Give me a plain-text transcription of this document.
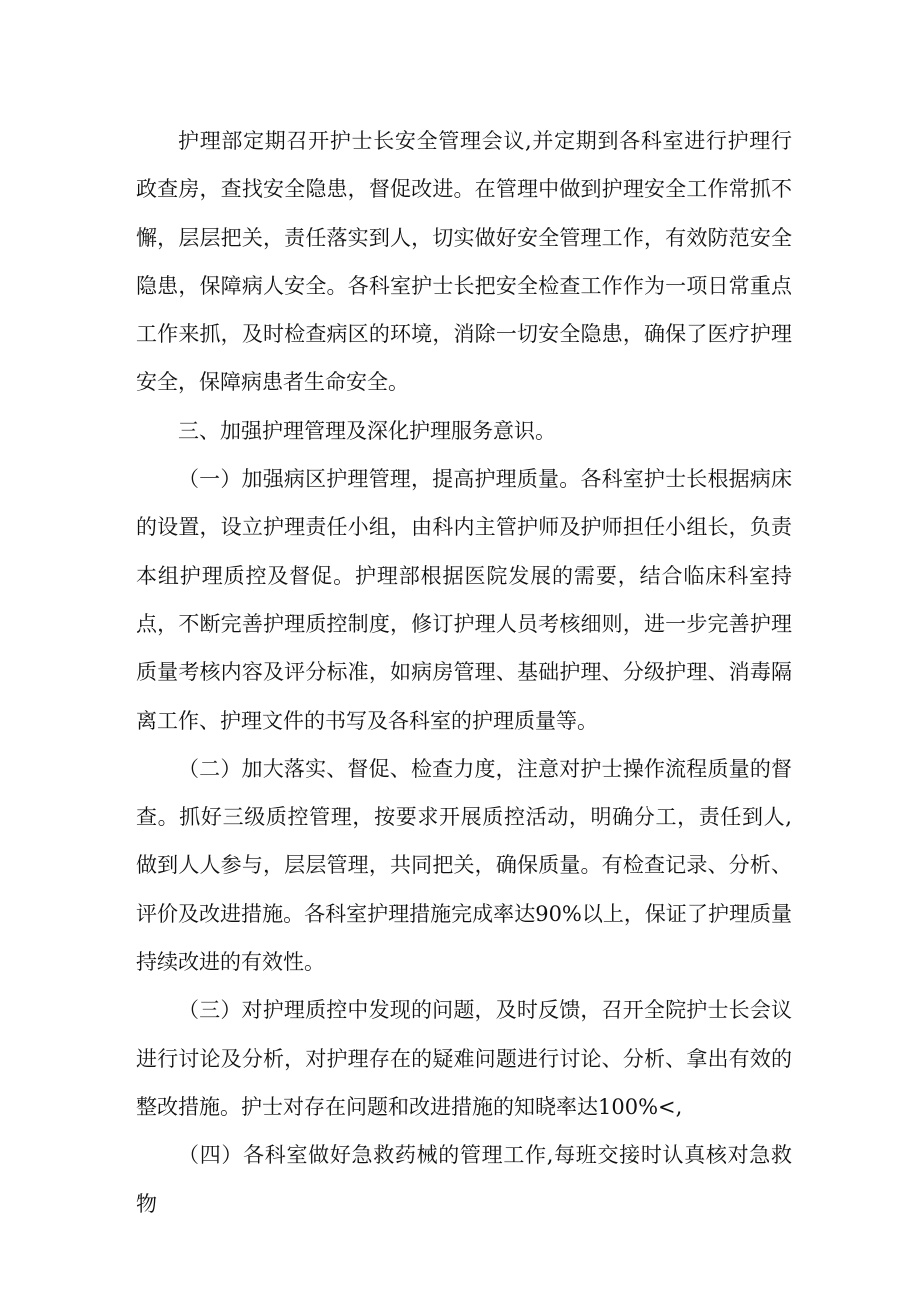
护理部定期召开护士长安全管理会议,并定期到各科室进行护理行政查房，查找安全隐患，督促改进。在管理中做到护理安全工作常抓不懈，层层把关，责任落实到人，切实做好安全管理工作，有效防范安全隐患，保障病人安全。各科室护士长把安全检查工作作为一项日常重点工作来抓，及时检查病区的环境，消除一切安全隐患，确保了医疗护理安全，保障病患者生命安全。

三、加强护理管理及深化护理服务意识。

（一）加强病区护理管理，提高护理质量。各科室护士长根据病床的设置，设立护理责任小组，由科内主管护师及护师担任小组长，负责本组护理质控及督促。护理部根据医院发展的需要，结合临床科室持点，不断完善护理质控制度，修订护理人员考核细则，进一步完善护理质量考核内容及评分标准，如病房管理、基础护理、分级护理、消毒隔离工作、护理文件的书写及各科室的护理质量等。

（二）加大落实、督促、检查力度，注意对护士操作流程质量的督查。抓好三级质控管理，按要求开展质控活动，明确分工，责任到人,做到人人参与，层层管理，共同把关，确保质量。有检查记录、分析、评价及改进措施。各科室护理措施完成率达90%以上，保证了护理质量持续改进的有效性。

（三）对护理质控中发现的问题，及时反馈，召开全院护士长会议进行讨论及分析，对护理存在的疑难问题进行讨论、分析、拿出有效的整改措施。护士对存在问题和改进措施的知晓率达100%<,

（四）各科室做好急救药械的管理工作,每班交接时认真核对急救物
